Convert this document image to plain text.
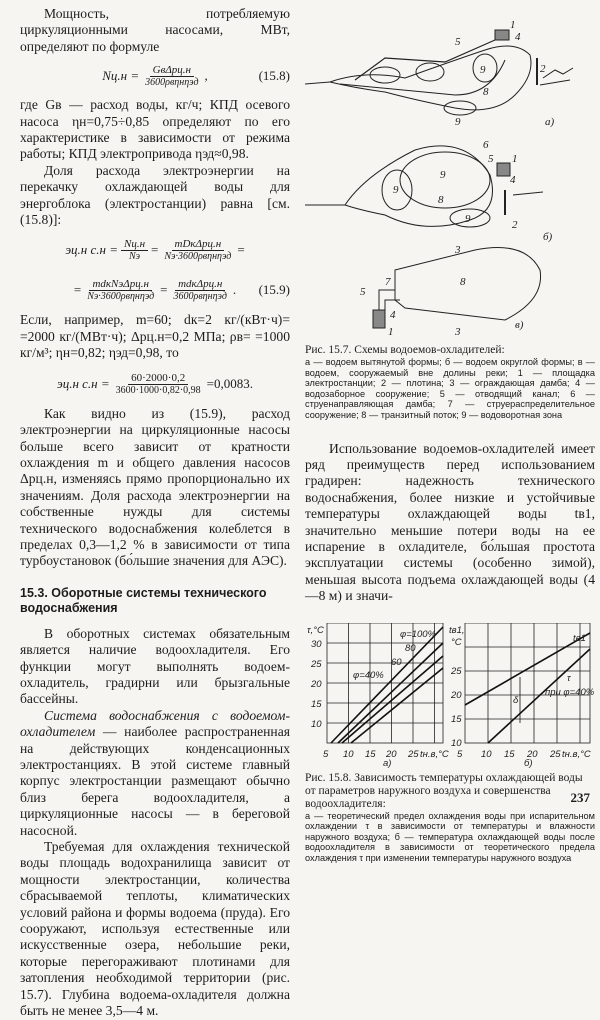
Мощность, потребляемую циркуляционными насосами, МВт, определяют по формуле

$Nц.н = \frac{\text{GвΔpц.н}}{\text{3600ρвηнηэд}}$ ,	(15.8)

где Gв — расход воды, кг/ч; КПД осевого насоса ηн=0,75÷0,85 определяют по его характеристике в зависимости от режима работы; КПД электропривода ηэд≈0,98.

Доля расхода электроэнергии на перекачку охлаждающей воды для энергоблока (электростанции) равна [см. (15.8)]:

эц.н $с.н = \frac{Nц.н}{Nэ} = \frac{\text{mDкΔpц.н}}{\text{Nэ·3600ρвηнηэд}}$ =
= $\frac{\text{mdкNэΔpц.н}}{\text{Nэ·3600ρвηнηэд}} = \frac{\text{mdкΔpц.н}}{\text{3600ρвηнηэд}}$ . (15.9)

Если, например, m=60; dк=2 кг/(кВт·ч)= =2000 кг/(МВт·ч); Δpц.н=0,2 МПа; ρв= =1000 кг/м³; ηн=0,82; ηэд=0,98, то

эц.н $с.н = \frac{60\cdot 2000\cdot 0,2}{3600\cdot 1000\cdot 0,82\cdot 0,98} =0,0083$.

Как видно из (15.9), расход электроэнергии на циркуляционные насосы больше всего зависит от кратности охлаждения m и общего давления насосов Δpц.н, изменяясь прямо пропорционально их значениям. Доля расхода электроэнергии на собственные нужды для системы технического водоснабжения колеблется в пределах 0,3—1,2 % в зависимости от типа турбоустановок (бо́льшие значения для АЭС).

15.3. Оборотные системы технического водоснабжения

В оборотных системах обязательным является наличие водоохладителя. Его функции могут выполнять водоем-охладитель, градирни или брызгальные бассейны.

Система водоснабжения с водоемом-охладителем — наиболее распространенная на действующих конденсационных электростанциях. В этой системе главный корпус электростанции размещают обычно близ берега водоохладителя, а циркуляционные насосы — в береговой насосной.

Требуемая для охлаждения технической воды площадь водохранилища зависит от мощности электростанции, количества сбрасываемой теплоты, климатических условий района и формы водоема (пруда). Его сооружают, используя естественные или искусственные озера, небольшие реки, которые перегораживают плотинами для затопления необходимой территории (рис. 15.7). Глубина водоема-охладителя должна быть не менее 3,5—4 м.

1
4
5
2
8
9
9
а)
6
5 1
4
9
8
9
9	2
б)
3
7
5
8
4
1	3
в)
Рис. 15.7. Схемы водоемов-охладителей:
а — водоем вытянутой формы; б — водоем округлой формы; в — водоем, сооружаемый вне долины реки; 1 — площадка электростанции; 2 — плотина; 3 — ограждающая дамба; 4 — водозаборное сооружение; 5 — отводящий канал; 6 — струенаправляющая дамба; 7 — струераспределительное сооружение; 8 — транзитный поток; 9 — водоворотная зона

Использование водоемов-охладителей имеет ряд преимуществ перед использованием градирен: надежность технического водоснабжения, более низкие и устойчивые температуры охлаждающей воды tв1, значительно меньшие потери воды на ее испарение в охладителе, бо́льшая простота эксплуатации системы (особенно зимой), меньшая высота подъема охлаждающей воды (4—8 м) и значи-

τ,°C
30
25
20
15
10
5 10 15 20 25 tн.в,°C
а)
φ=100%
80
60
φ=40%
tв1,
°C
25
20
15
10
5 10 15 20 25 tн.в,°C
б)
tв1
δ
τ
при φ=40%
Рис. 15.8. Зависимость температуры охлаждающей воды от параметров наружного воздуха и совершенства водоохладителя:
а — теоретический предел охлаждения воды при испарительном охлаждении τ в зависимости от температуры и влажности наружного воздуха; б — температура охлаждающей воды после водоохладителя в зависимости от теоретического предела охлаждения τ при изменении температуры наружного воздуха
237
